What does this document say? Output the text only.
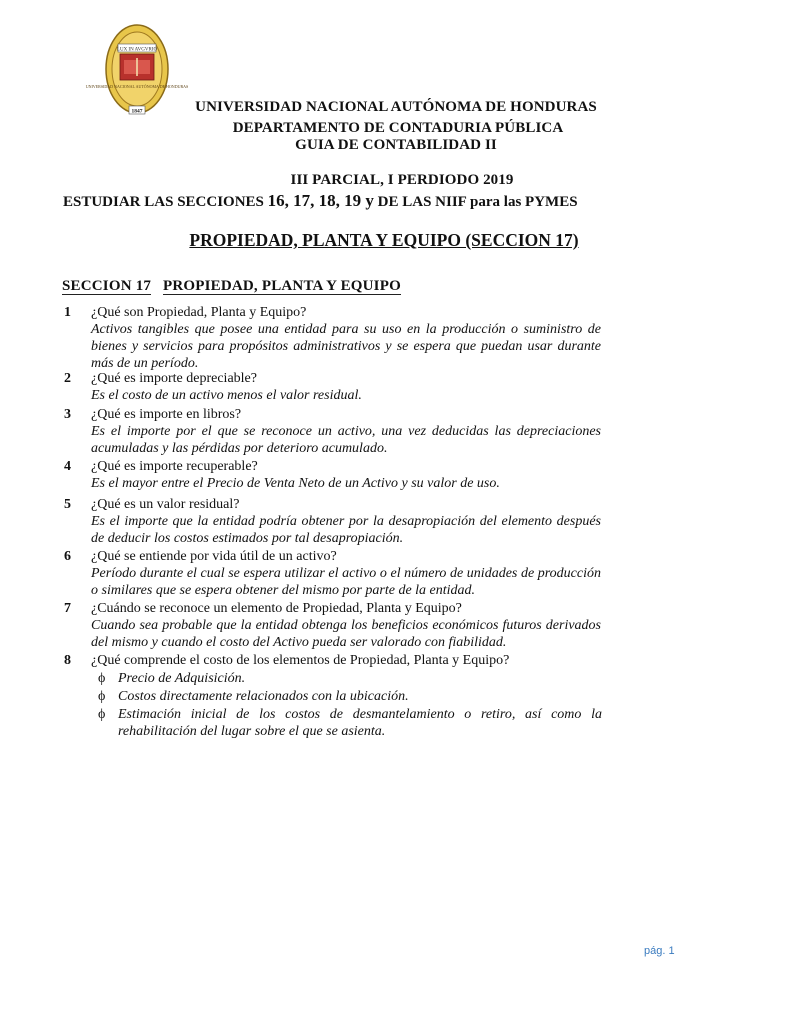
LUX IN AVGVRIO
UNIVERSIDAD NACIONAL AUTÓNOMA DE HONDURAS
1847	UNIVERSIDAD NACIONAL AUTÓNOMA DE HONDURAS
DEPARTAMENTO DE CONTADURIA PÚBLICA
GUIA DE CONTABILIDAD II
III PARCIAL, I PERDIODO 2019
ESTUDIAR LAS SECCIONES 16, 17, 18, 19 y DE LAS NIIF para las PYMES
PROPIEDAD, PLANTA Y EQUIPO (SECCION 17)
SECCION 17 PROPIEDAD, PLANTA Y EQUIPO
1 ¿Qué son Propiedad, Planta y Equipo?
Activos tangibles que posee una entidad para su uso en la producción o suministro de bienes y servicios para propósitos administrativos y se espera que puedan usar durante más de un período.
2 ¿Qué es importe depreciable?
Es el costo de un activo menos el valor residual.
3 ¿Qué es importe en libros?
Es el importe por el que se reconoce un activo, una vez deducidas las depreciaciones acumuladas y las pérdidas por deterioro acumulado.
4 ¿Qué es importe recuperable?
Es el mayor entre el Precio de Venta Neto de un Activo y su valor de uso.
5 ¿Qué es un valor residual?
Es el importe que la entidad podría obtener por la desapropiación del elemento después de deducir los costos estimados por tal desapropiación.
6 ¿Qué se entiende por vida útil de un activo?
Período durante el cual se espera utilizar el activo o el número de unidades de producción o similares que se espera obtener del mismo por parte de la entidad.
7 ¿Cuándo se reconoce un elemento de Propiedad, Planta y Equipo?
Cuando sea probable que la entidad obtenga los beneficios económicos futuros derivados del mismo y cuando el costo del Activo pueda ser valorado con fiabilidad.
8 ¿Qué comprende el costo de los elementos de Propiedad, Planta y Equipo?
ϕ Precio de Adquisición.
ϕ Costos directamente relacionados con la ubicación.
ϕ Estimación inicial de los costos de desmantelamiento o retiro, así como la rehabilitación del lugar sobre el que se asienta.
pág. 1
